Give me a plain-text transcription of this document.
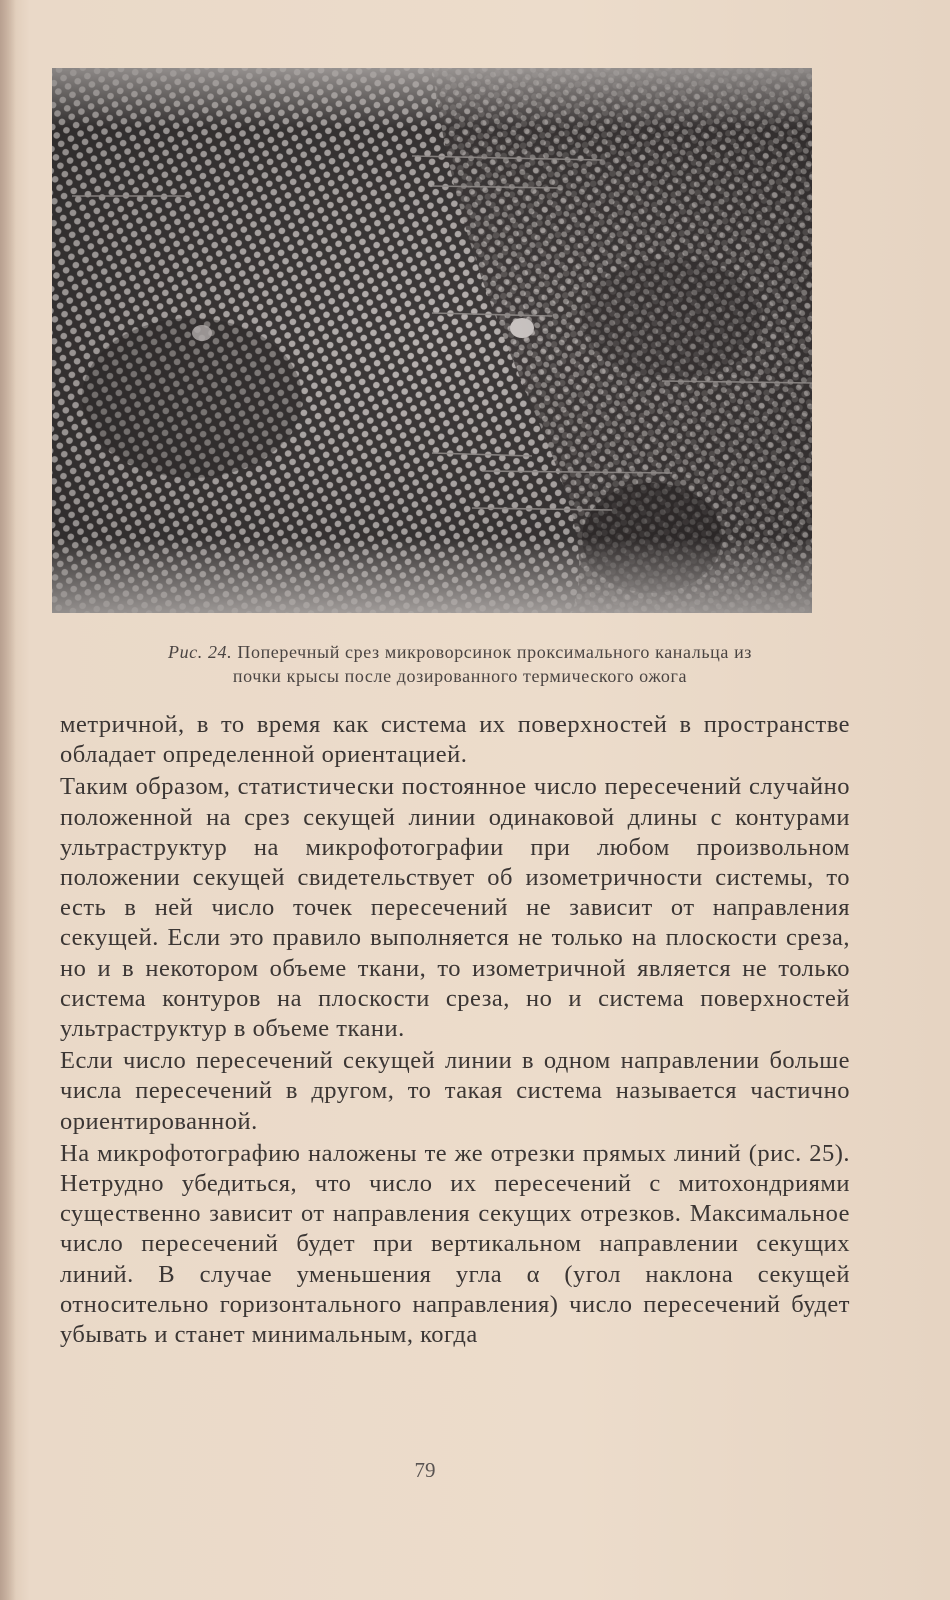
Рис. 24. Поперечный срез микроворсинок проксимального канальца из
почки крысы после дозированного термического ожога

метричной, в то время как система их поверхностей в пространстве обладает определенной ориентацией.

Таким образом, статистически постоянное число пересечений случайно положенной на срез секущей линии одинаковой длины с контурами ультраструктур на микрофотографии при любом произвольном положении секущей свидетельствует об изометричности системы, то есть в ней число точек пересечений не зависит от направления секущей. Если это правило выполняется не только на плоскости среза, но и в некотором объеме ткани, то изометричной является не только система контуров на плоскости среза, но и система поверхностей ультраструктур в объеме ткани.

Если число пересечений секущей линии в одном направлении больше числа пересечений в другом, то такая система называется частично ориентированной.

На микрофотографию наложены те же отрезки прямых линий (рис. 25). Нетрудно убедиться, что число их пересечений с митохондриями существенно зависит от направления секущих отрезков. Максимальное число пересечений будет при вертикальном направлении секущих линий. В случае уменьшения угла α (угол наклона секущей относительно горизонтального направления) число пересечений будет убывать и станет минимальным, когда

79
